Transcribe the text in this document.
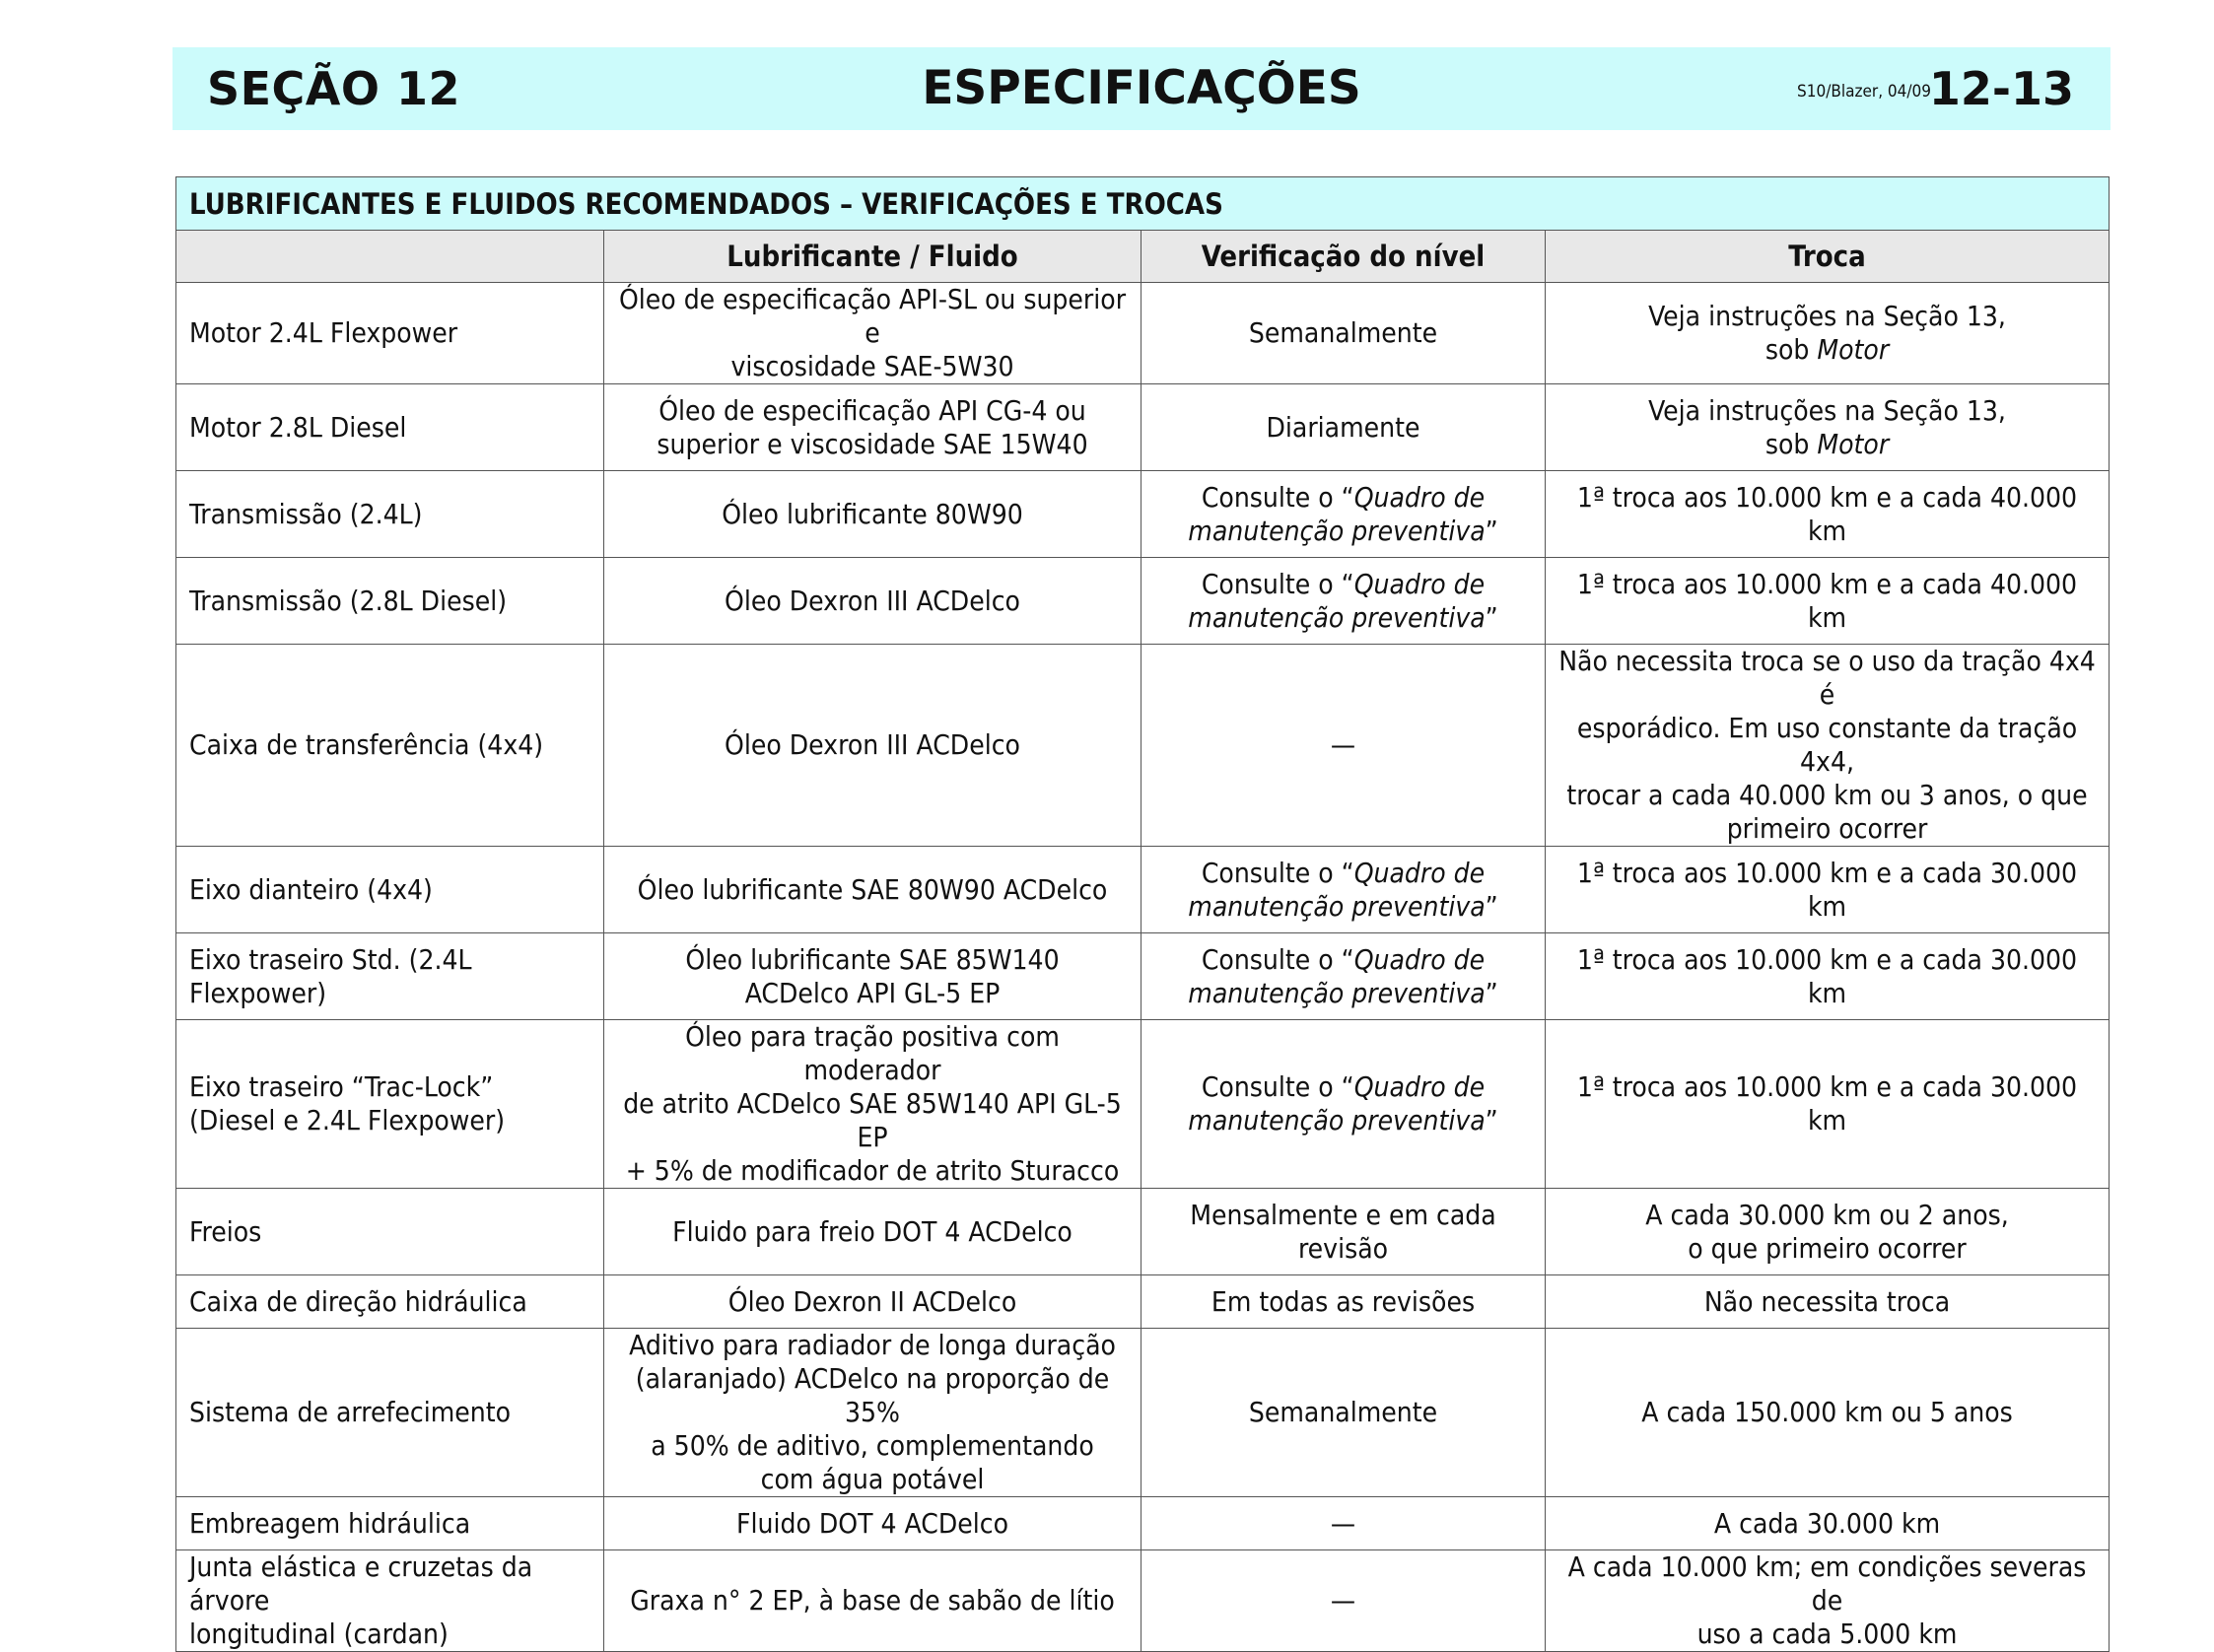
SEÇÃO 12	ESPECIFICAÇÕES	S10/Blazer, 04/09
12-13
LUBRIFICANTES E FLUIDOS RECOMENDADOS – VERIFICAÇÕES E TROCAS			
	Lubrificante / Fluido	Verificação do nível	Troca

Motor 2.4L Flexpower	Óleo de especificação API-SL ou superior e
viscosidade SAE-5W30	Semanalmente	Veja instruções na Seção 13,
sob Motor

Motor 2.8L Diesel	Óleo de especificação API CG-4 ou
superior e viscosidade SAE 15W40	Diariamente	Veja instruções na Seção 13,
sob Motor

Transmissão (2.4L)	Óleo lubrificante 80W90	Consulte o “Quadro de
manutenção preventiva”	1ª troca aos 10.000 km e a cada 40.000 km

Transmissão (2.8L Diesel)	Óleo Dexron III ACDelco	Consulte o “Quadro de
manutenção preventiva”	1ª troca aos 10.000 km e a cada 40.000 km

Caixa de transferência (4x4)	Óleo Dexron III ACDelco	—	Não necessita troca se o uso da tração 4x4 é
esporádico. Em uso constante da tração 4x4,
trocar a cada 40.000 km ou 3 anos, o que
primeiro ocorrer

Eixo dianteiro (4x4)	Óleo lubrificante SAE 80W90 ACDelco	Consulte o “Quadro de
manutenção preventiva”	1ª troca aos 10.000 km e a cada 30.000 km

Eixo traseiro Std. (2.4L Flexpower)	Óleo lubrificante SAE 85W140
ACDelco API GL-5 EP	Consulte o “Quadro de
manutenção preventiva”	1ª troca aos 10.000 km e a cada 30.000 km

Eixo traseiro “Trac-Lock”
(Diesel e 2.4L Flexpower)	Óleo para tração positiva com moderador
de atrito ACDelco SAE 85W140 API GL-5 EP
+ 5% de modificador de atrito Sturacco	Consulte o “Quadro de
manutenção preventiva”	1ª troca aos 10.000 km e a cada 30.000 km

Freios	Fluido para freio DOT 4 ACDelco	Mensalmente e em cada revisão	A cada 30.000 km ou 2 anos,
o que primeiro ocorrer

Caixa de direção hidráulica	Óleo Dexron II ACDelco	Em todas as revisões	Não necessita troca

Sistema de arrefecimento	Aditivo para radiador de longa duração
(alaranjado) ACDelco na proporção de 35%
a 50% de aditivo, complementando
com água potável	Semanalmente	A cada 150.000 km ou 5 anos

Embreagem hidráulica	Fluido DOT 4 ACDelco	—	A cada 30.000 km

Junta elástica e cruzetas da árvore
longitudinal (cardan)	Graxa n° 2 EP, à base de sabão de lítio	—	A cada 10.000 km; em condições severas de
uso a cada 5.000 km
